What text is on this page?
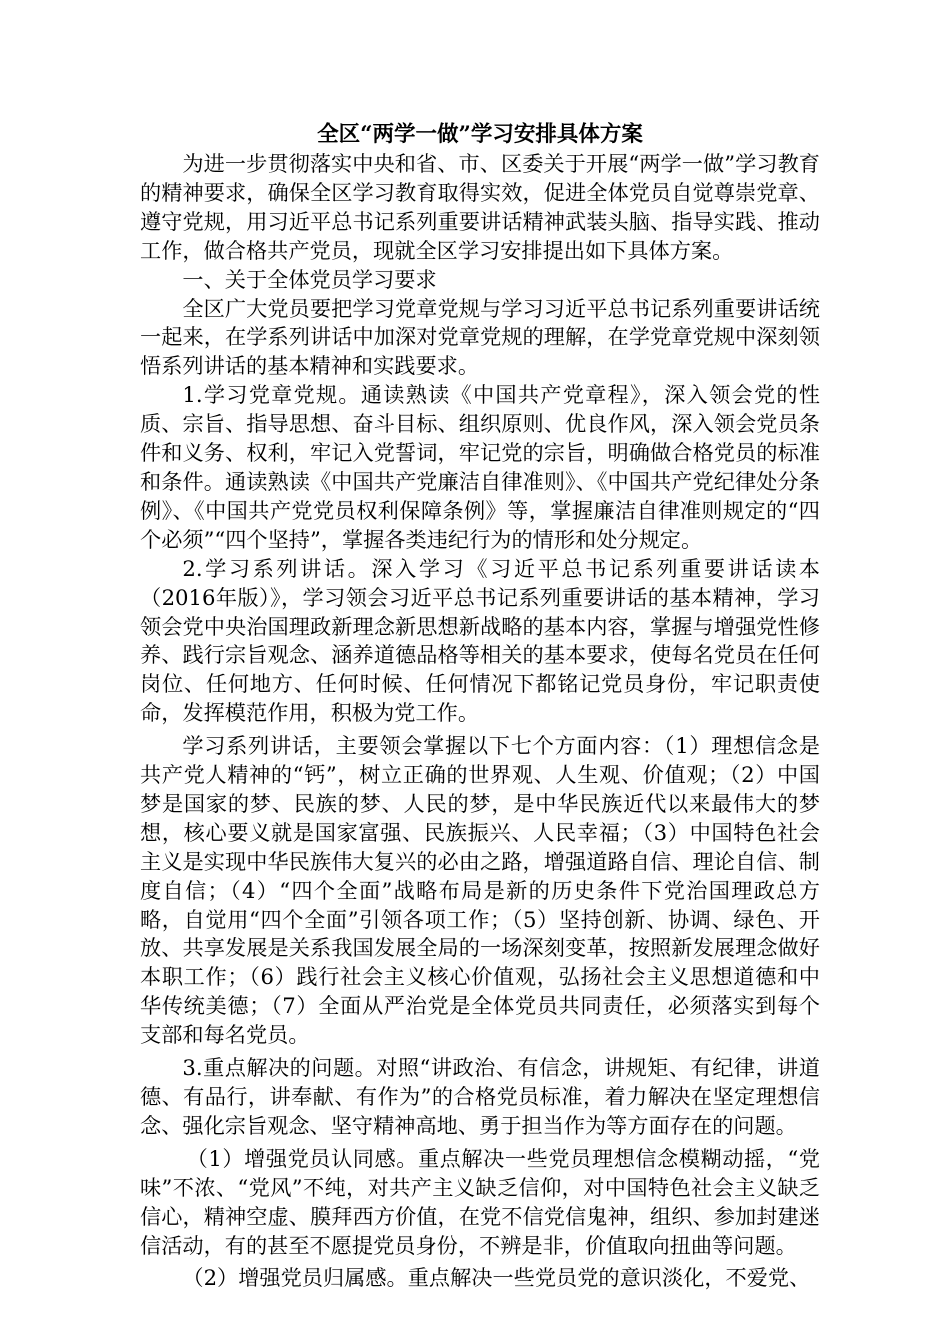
全区“两学一做”学习安排具体方案

为进一步贯彻落实中央和省、市、区委关于开展“两学一做”学习教育的精神要求，确保全区学习教育取得实效，促进全体党员自觉尊崇党章、遵守党规，用习近平总书记系列重要讲话精神武装头脑、指导实践、推动工作，做合格共产党员，现就全区学习安排提出如下具体方案。

一、关于全体党员学习要求

全区广大党员要把学习党章党规与学习习近平总书记系列重要讲话统一起来，在学系列讲话中加深对党章党规的理解，在学党章党规中深刻领悟系列讲话的基本精神和实践要求。

1.学习党章党规。通读熟读《中国共产党章程》，深入领会党的性质、宗旨、指导思想、奋斗目标、组织原则、优良作风，深入领会党员条件和义务、权利，牢记入党誓词，牢记党的宗旨，明确做合格党员的标准和条件。通读熟读《中国共产党廉洁自律准则》、《中国共产党纪律处分条例》、《中国共产党党员权利保障条例》等，掌握廉洁自律准则规定的“四个必须”“四个坚持”，掌握各类违纪行为的情形和处分规定。

2.学习系列讲话。深入学习《习近平总书记系列重要讲话读本（2016年版）》，学习领会习近平总书记系列重要讲话的基本精神，学习领会党中央治国理政新理念新思想新战略的基本内容，掌握与增强党性修养、践行宗旨观念、涵养道德品格等相关的基本要求，使每名党员在任何岗位、任何地方、任何时候、任何情况下都铭记党员身份，牢记职责使命，发挥模范作用，积极为党工作。

学习系列讲话，主要领会掌握以下七个方面内容：（1）理想信念是共产党人精神的“钙”，树立正确的世界观、人生观、价值观；（2）中国梦是国家的梦、民族的梦、人民的梦，是中华民族近代以来最伟大的梦想，核心要义就是国家富强、民族振兴、人民幸福；（3）中国特色社会主义是实现中华民族伟大复兴的必由之路，增强道路自信、理论自信、制度自信；（4）“四个全面”战略布局是新的历史条件下党治国理政总方略，自觉用“四个全面”引领各项工作；（5）坚持创新、协调、绿色、开放、共享发展是关系我国发展全局的一场深刻变革，按照新发展理念做好本职工作；（6）践行社会主义核心价值观，弘扬社会主义思想道德和中华传统美德；（7）全面从严治党是全体党员共同责任，必须落实到每个支部和每名党员。

3.重点解决的问题。对照“讲政治、有信念，讲规矩、有纪律，讲道德、有品行，讲奉献、有作为”的合格党员标准，着力解决在坚定理想信念、强化宗旨观念、坚守精神高地、勇于担当作为等方面存在的问题。

（1）增强党员认同感。重点解决一些党员理想信念模糊动摇，“党味”不浓、“党风”不纯，对共产主义缺乏信仰，对中国特色社会主义缺乏信心，精神空虚、膜拜西方价值，在党不信党信鬼神，组织、参加封建迷信活动，有的甚至不愿提党员身份，不辨是非，价值取向扭曲等问题。

（2）增强党员归属感。重点解决一些党员党的意识淡化，不爱党、
